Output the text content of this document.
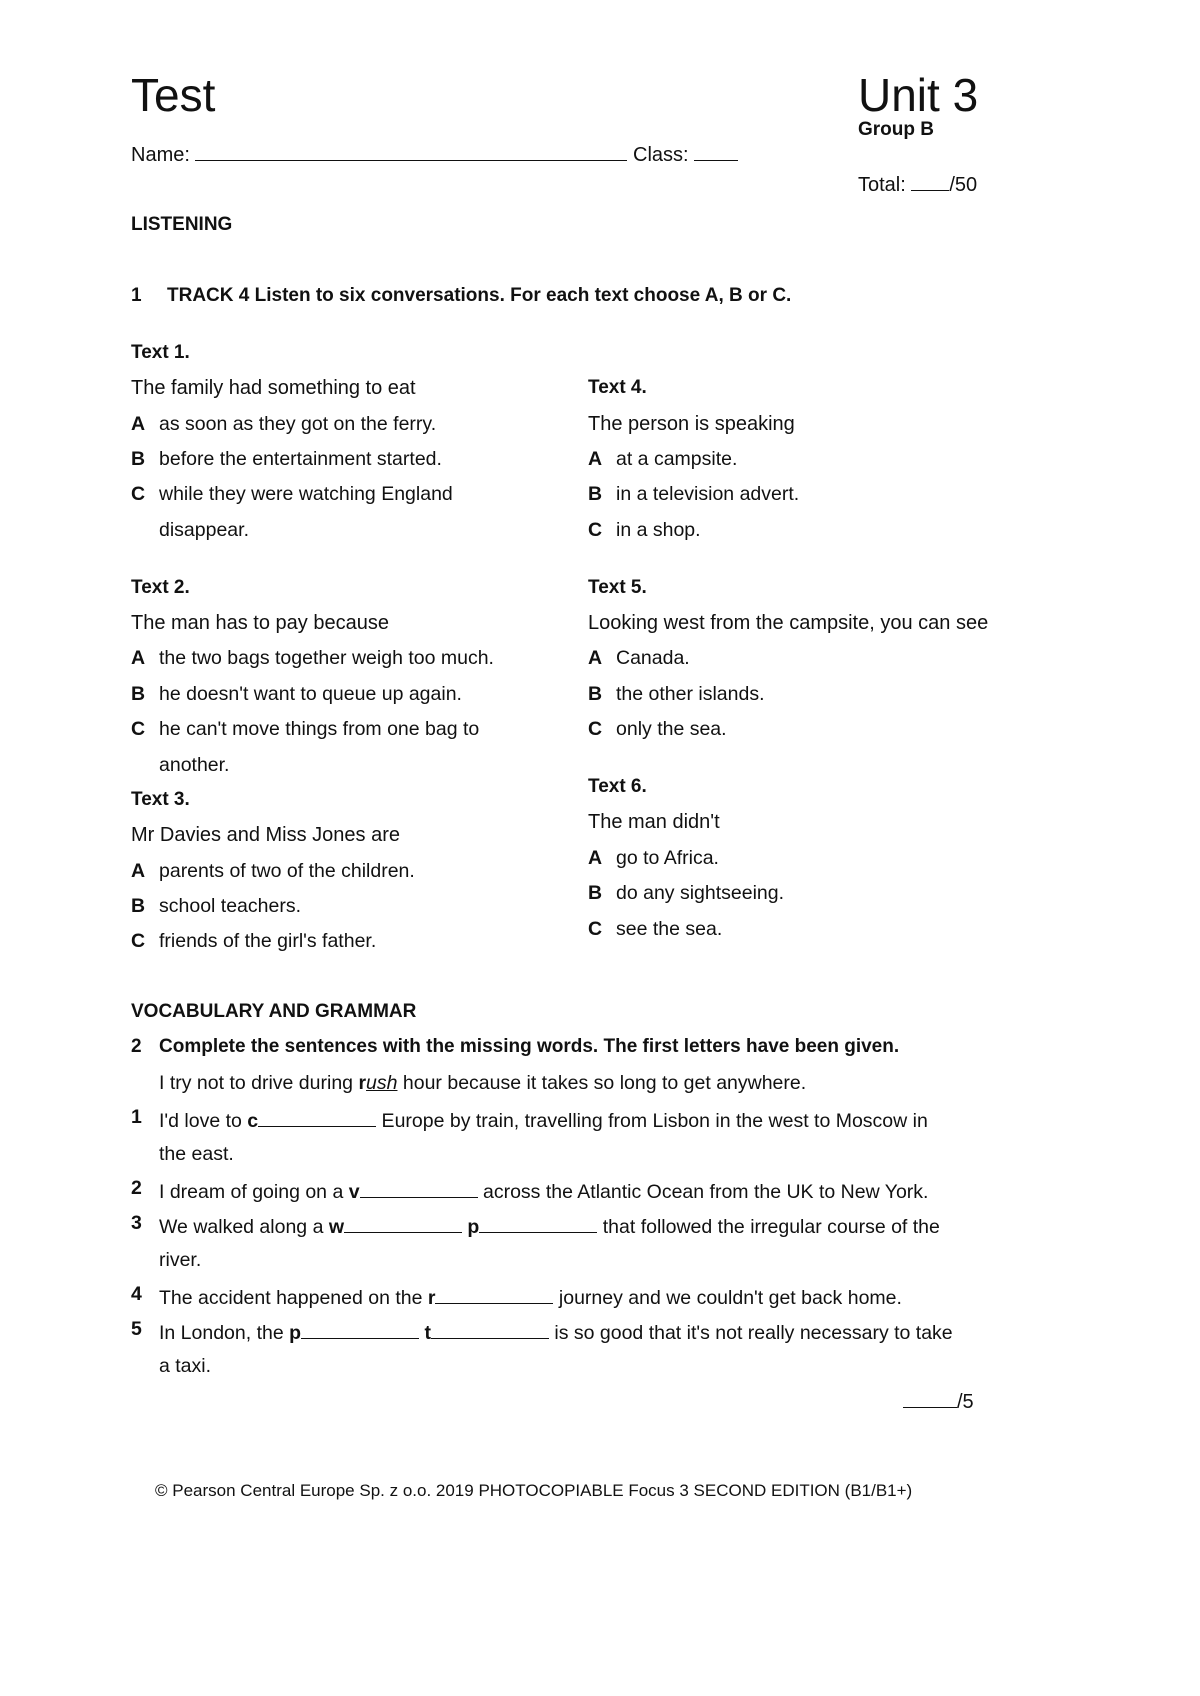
Test	Unit 3
Group B
Name:	Class:
Total: /50
LISTENING
1 TRACK 4 Listen to six conversations. For each text choose A, B or C.
Text 1.
The family had something to eat
A as soon as they got on the ferry.
B before the entertainment started.
C while they were watching England
disappear.
Text 2.
The man has to pay because
A the two bags together weigh too much.
B he doesn't want to queue up again.
C he can't move things from one bag to
another.
Text 3.
Mr Davies and Miss Jones are
A parents of two of the children.
B school teachers.
C friends of the girl's father.
Text 4.
The person is speaking
A at a campsite.
B in a television advert.
C in a shop.
Text 5.
Looking west from the campsite, you can see
A Canada.
B the other islands.
C only the sea.
Text 6.
The man didn't
A go to Africa.
B do any sightseeing.
C see the sea.
VOCABULARY AND GRAMMAR
2 Complete the sentences with the missing words. The first letters have been given.
I try not to drive during rush hour because it takes so long to get anywhere.
1 I'd love to c	Europe by train, travelling from Lisbon in the west to Moscow in
the east.
2 I dream of going on a v	across the Atlantic Ocean from the UK to New York.
3 We walked along a w	p	that followed the irregular course of the
river.
4 The accident happened on the r	journey and we couldn't get back home.
5 In London, the p	t	is so good that it's not really necessary to take
a taxi.
/5
© Pearson Central Europe Sp. z o.o. 2019 PHOTOCOPIABLE Focus 3 SECOND EDITION (B1/B1+)
